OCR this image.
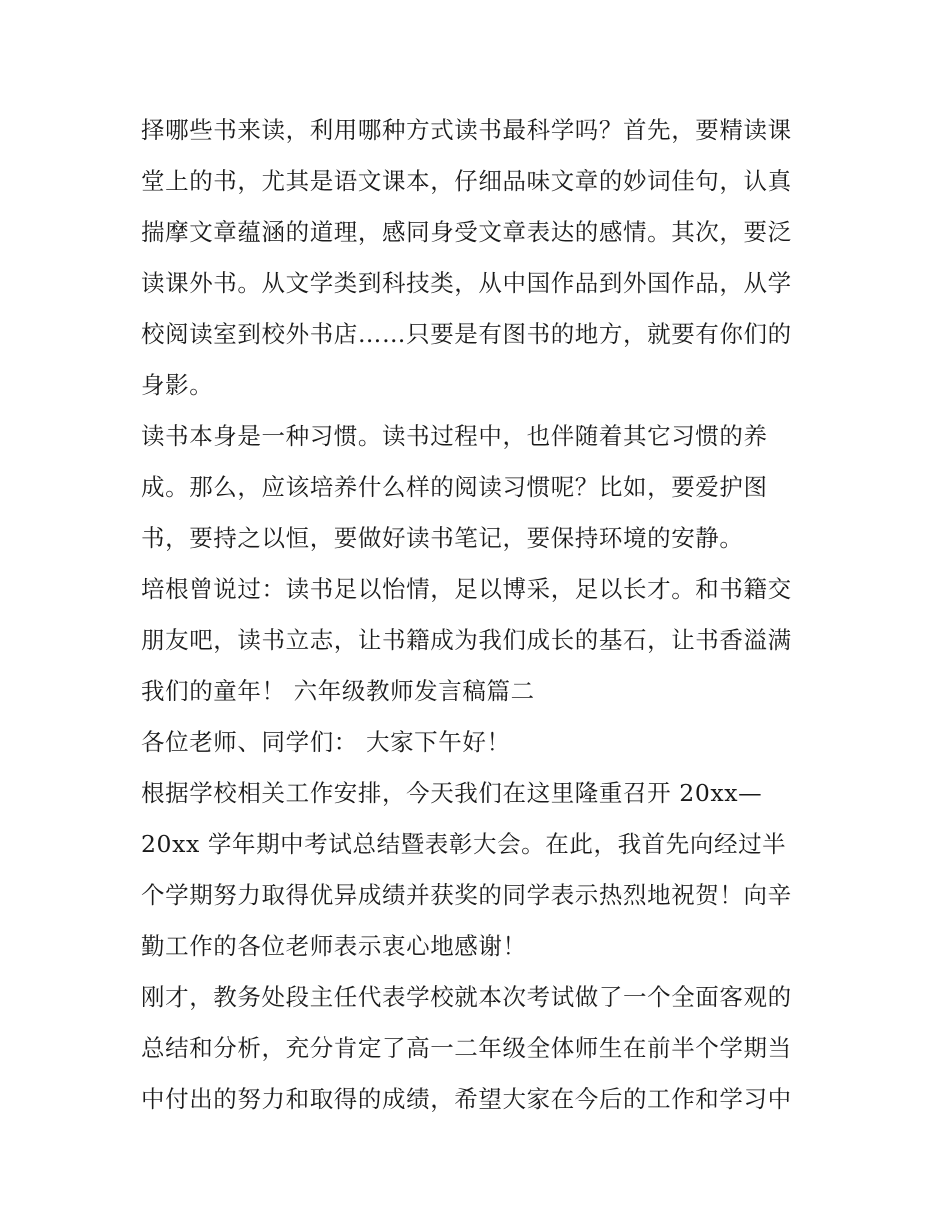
择哪些书来读，利用哪种方式读书最科学吗？首先，要精读课
堂上的书，尤其是语文课本，仔细品味文章的妙词佳句，认真
揣摩文章蕴涵的道理，感同身受文章表达的感情。其次，要泛
读课外书。从文学类到科技类，从中国作品到外国作品，从学
校阅读室到校外书店……只要是有图书的地方，就要有你们的
身影。
读书本身是一种习惯。读书过程中，也伴随着其它习惯的养
成。那么，应该培养什么样的阅读习惯呢？比如，要爱护图
书，要持之以恒，要做好读书笔记，要保持环境的安静。
培根曾说过：读书足以怡情，足以博采，足以长才。和书籍交
朋友吧，读书立志，让书籍成为我们成长的基石，让书香溢满
我们的童年！ 六年级教师发言稿篇二
各位老师、同学们： 大家下午好！
根据学校相关工作安排，今天我们在这里隆重召开 20xx—
20xx 学年期中考试总结暨表彰大会。在此，我首先向经过半
个学期努力取得优异成绩并获奖的同学表示热烈地祝贺！向辛
勤工作的各位老师表示衷心地感谢！
刚才，教务处段主任代表学校就本次考试做了一个全面客观的
总结和分析，充分肯定了高一二年级全体师生在前半个学期当
中付出的努力和取得的成绩，希望大家在今后的工作和学习中
